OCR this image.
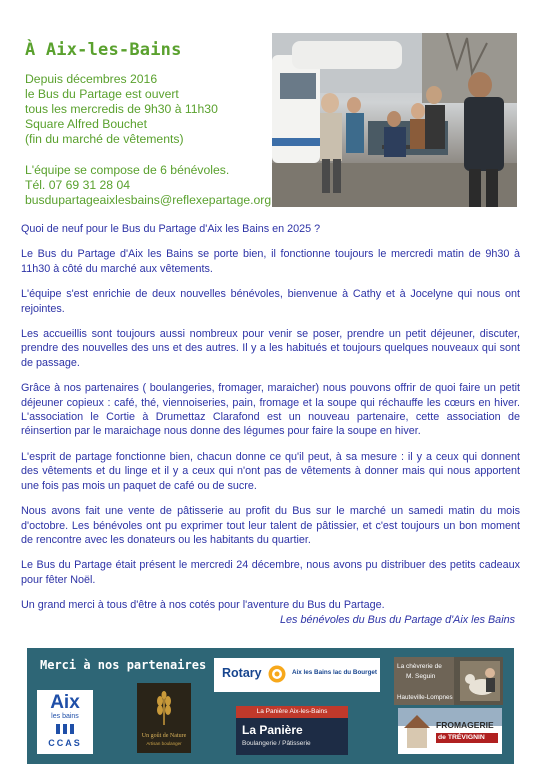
À Aix-les-Bains
Depuis décembres 2016
le Bus du Partage est ouvert
tous les mercredis de 9h30 à 11h30
Square Alfred Bouchet
(fin du marché de vêtements)
L'équipe se compose de 6 bénévoles.
Tél. 07 69 31 28 04
busdupartageaixlesbains@reflexepartage.org

Quoi de neuf pour le Bus du Partage d'Aix les Bains en 2025 ?

Le Bus du Partage d'Aix les Bains se porte bien, il fonctionne toujours le mercredi matin de 9h30 à 11h30 à côté du marché aux vêtements.

L'équipe s'est enrichie de deux nouvelles bénévoles, bienvenue à Cathy et à Jocelyne qui nous ont rejointes.

Les accueillis sont toujours aussi nombreux pour venir se poser, prendre un petit déjeuner, discuter, prendre des nouvelles des uns et des autres. Il y a les habitués et toujours quelques nouveaux qui sont de passage.

Grâce à nos partenaires ( boulangeries, fromager, maraicher) nous pouvons offrir de quoi faire un petit déjeuner copieux : café, thé, viennoiseries, pain, fromage et la soupe qui réchauffe les cœurs en hiver. L'association le Cortie à Drumettaz Clarafond est un nouveau partenaire, cette association de réinsertion par le maraichage nous donne des légumes pour faire la soupe en hiver.

L'esprit de partage fonctionne bien, chacun donne ce qu'il peut, à sa mesure : il y a ceux qui donnent des vêtements et du linge et il y a ceux qui n'ont pas de vêtements à donner mais qui nous apportent une fois pas mois un paquet de café ou de sucre.

Nous avons fait une vente de pâtisserie au profit du Bus sur le marché un samedi matin du mois d'octobre. Les bénévoles ont pu exprimer tout leur talent de pâtissier, et c'est toujours un bon moment de rencontre avec les donateurs ou les habitants du quartier.

Le Bus du Partage était présent le mercredi 24 décembre, nous avons pu distribuer des petits cadeaux pour fêter Noël.

Un grand merci à tous d'être à nos cotés pour l'aventure du Bus du Partage.

Les bénévoles du Bus du Partage d'Aix les Bains

Merci à nos partenaires
Aix
les bains
CCAS
Un goût de Nature
Artisan boulanger
Rotary	Aix les Bains lac du Bourget
La Panière Aix-les-Bains
La Panière
Boulangerie / Pâtisserie
La chèvrerie de
M. Seguin
Hauteville-Lompnes
FROMAGERIE
de TRÉVIGNIN
